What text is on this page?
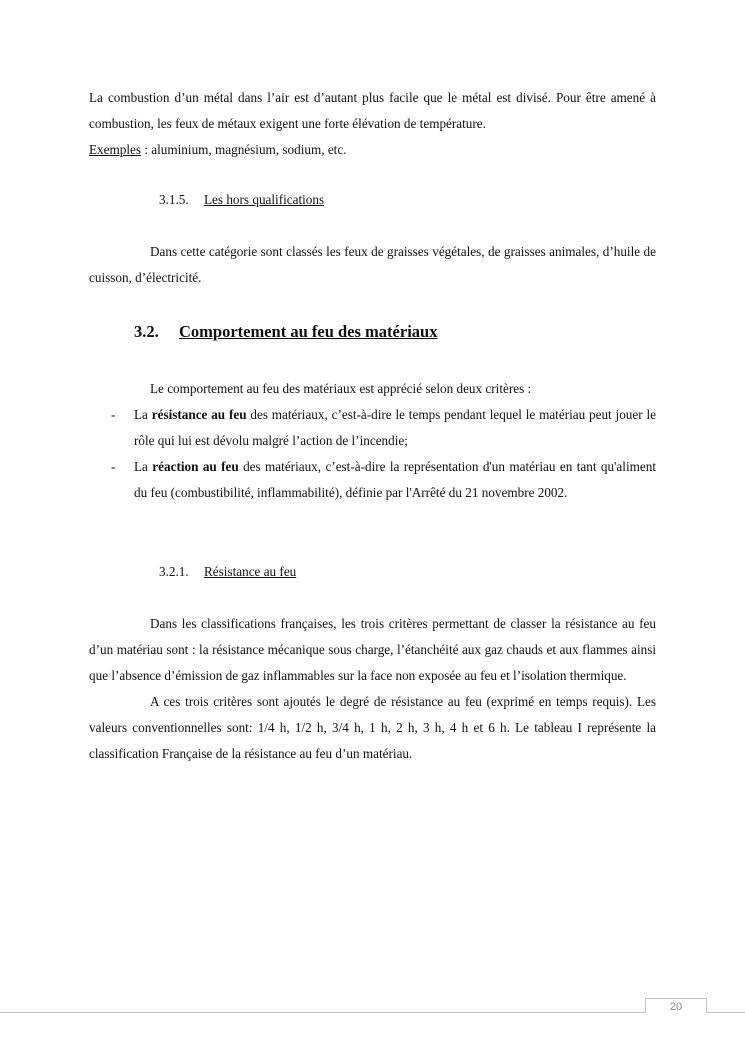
La combustion d’un métal dans l’air est d’autant plus facile que le métal est divisé. Pour être amené à combustion, les feux de métaux exigent une forte élévation de température.
Exemples : aluminium, magnésium, sodium, etc.

3.1.5. Les hors qualifications

Dans cette catégorie sont classés les feux de graisses végétales, de graisses animales, d’huile de cuisson, d’électricité.

3.2. Comportement au feu des matériaux

Le comportement au feu des matériaux est apprécié selon deux critères :

- La résistance au feu des matériaux, c’est-à-dire le temps pendant lequel le matériau peut jouer le rôle qui lui est dévolu malgré l’action de l’incendie;
- La réaction au feu des matériaux, c’est-à-dire la représentation d'un matériau en tant qu'aliment du feu (combustibilité, inflammabilité), définie par l'Arrêté du 21 novembre 2002.
3.2.1. Résistance au feu

Dans les classifications françaises, les trois critères permettant de classer la résistance au feu d’un matériau sont : la résistance mécanique sous charge, l’étanchéité aux gaz chauds et aux flammes ainsi que l’absence d’émission de gaz inflammables sur la face non exposée au feu et l’isolation thermique.

A ces trois critères sont ajoutés le degré de résistance au feu (exprimé en temps requis). Les valeurs conventionnelles sont: 1/4 h, 1/2 h, 3/4 h, 1 h, 2 h, 3 h, 4 h et 6 h. Le tableau I représente la classification Française de la résistance au feu d’un matériau.

20
